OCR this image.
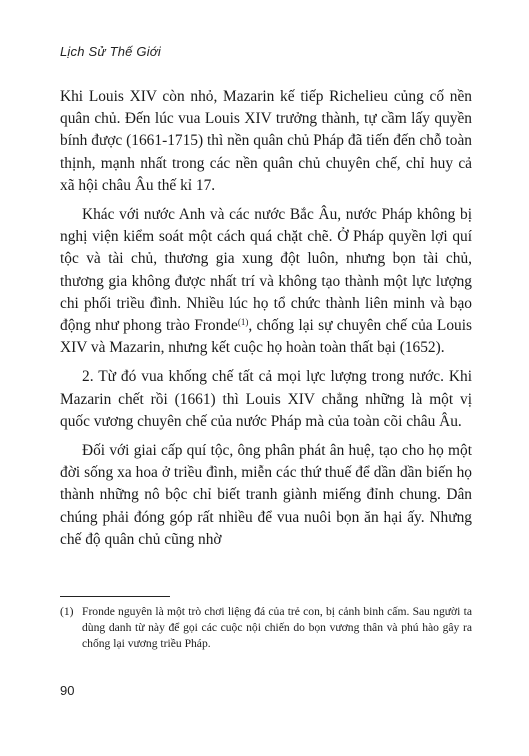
Lịch Sử Thế Giới

Khi Louis XIV còn nhỏ, Mazarin kế tiếp Richelieu củng cố nền quân chủ. Đến lúc vua Louis XIV trưởng thành, tự cầm lấy quyền bính được (1661-1715) thì nền quân chủ Pháp đã tiến đến chỗ toàn thịnh, mạnh nhất trong các nền quân chủ chuyên chế, chỉ huy cả xã hội châu Âu thế kỉ 17.

Khác với nước Anh và các nước Bắc Âu, nước Pháp không bị nghị viện kiểm soát một cách quá chặt chẽ. Ở Pháp quyền lợi quí tộc và tài chủ, thương gia xung đột luôn, nhưng bọn tài chủ, thương gia không được nhất trí và không tạo thành một lực lượng chi phối triều đình. Nhiều lúc họ tổ chức thành liên minh và bạo động như phong trào Fronde$^{(1)}$, chống lại sự chuyên chế của Louis XIV và Mazarin, nhưng kết cuộc họ hoàn toàn thất bại (1652).

2. Từ đó vua khống chế tất cả mọi lực lượng trong nước. Khi Mazarin chết rồi (1661) thì Louis XIV chẳng những là một vị quốc vương chuyên chế của nước Pháp mà của toàn cõi châu Âu.

Đối với giai cấp quí tộc, ông phân phát ân huệ, tạo cho họ một đời sống xa hoa ở triều đình, miễn các thứ thuế để dần dần biến họ thành những nô bộc chỉ biết tranh giành miếng đỉnh chung. Dân chúng phải đóng góp rất nhiều để vua nuôi bọn ăn hại ấy. Nhưng chế độ quân chủ cũng nhờ

(1) Fronde nguyên là một trò chơi liệng đá của trẻ con, bị cảnh binh cấm. Sau người ta dùng danh từ này để gọi các cuộc nội chiến do bọn vương thân và phú hào gây ra chống lại vương triều Pháp.
90
